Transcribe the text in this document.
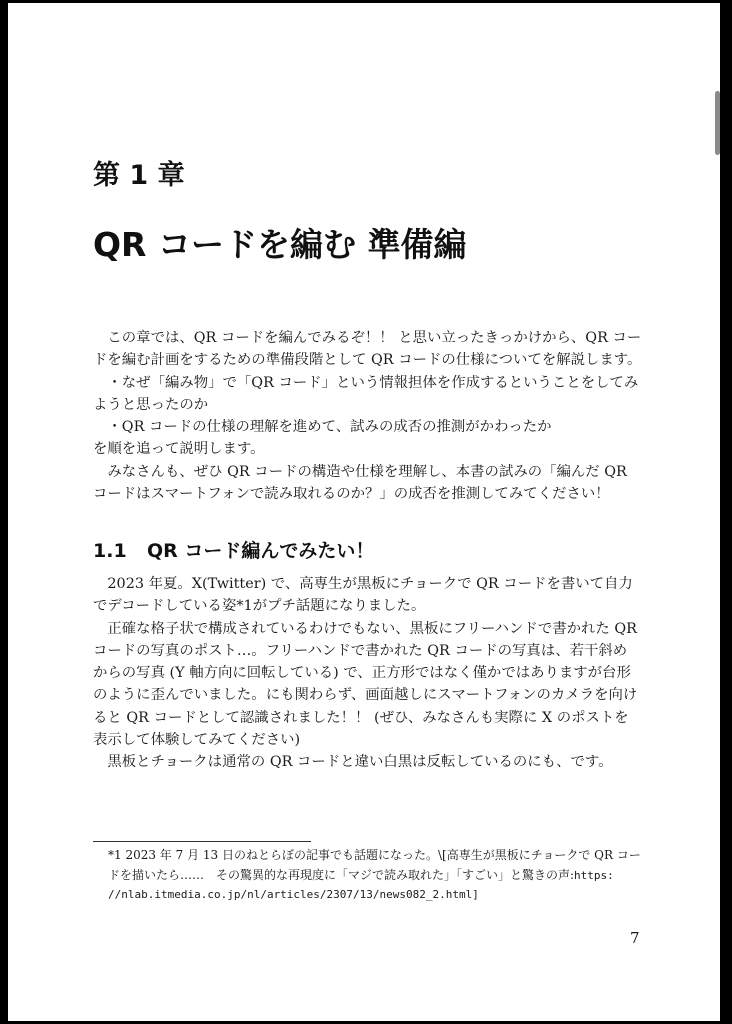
第 1 章
QR コードを編む 準備編

　この章では、QR コードを編んでみるぞ！！ と思い立ったきっかけから、QR コー

ドを編む計画をするための準備段階として QR コードの仕様についてを解説します。

　・なぜ「編み物」で「QR コード」という情報担体を作成するということをしてみ

ようと思ったのか

　・QR コードの仕様の理解を進めて、試みの成否の推測がかわったか

を順を追って説明します。

　みなさんも、ぜひ QR コードの構造や仕様を理解し、本書の試みの「編んだ QR

コードはスマートフォンで読み取れるのか？」の成否を推測してみてください！

1.1 QR コード編んでみたい！

　2023 年夏。X(Twitter) で、高専生が黒板にチョークで QR コードを書いて自力

でデコードしている姿*1がプチ話題になりました。

　正確な格子状で構成されているわけでもない、黒板にフリーハンドで書かれた QR

コードの写真のポスト…。フリーハンドで書かれた QR コードの写真は、若干斜め

からの写真 (Y 軸方向に回転している) で、正方形ではなく僅かではありますが台形

のように歪んでいました。にも関わらず、画面越しにスマートフォンのカメラを向け

ると QR コードとして認識されました！！ (ぜひ、みなさんも実際に X のポストを

表示して体験してみてください)

　黒板とチョークは通常の QR コードと違い白黒は反転しているのにも、です。

*1 2023 年 7 月 13 日のねとらぼの記事でも話題になった。\[高専生が黒板にチョークで QR コー

ドを描いたら……　その驚異的な再現度に「マジで読み取れた」「すごい」と驚きの声:https:

//nlab.itmedia.co.jp/nl/articles/2307/13/news082_2.html]

7
